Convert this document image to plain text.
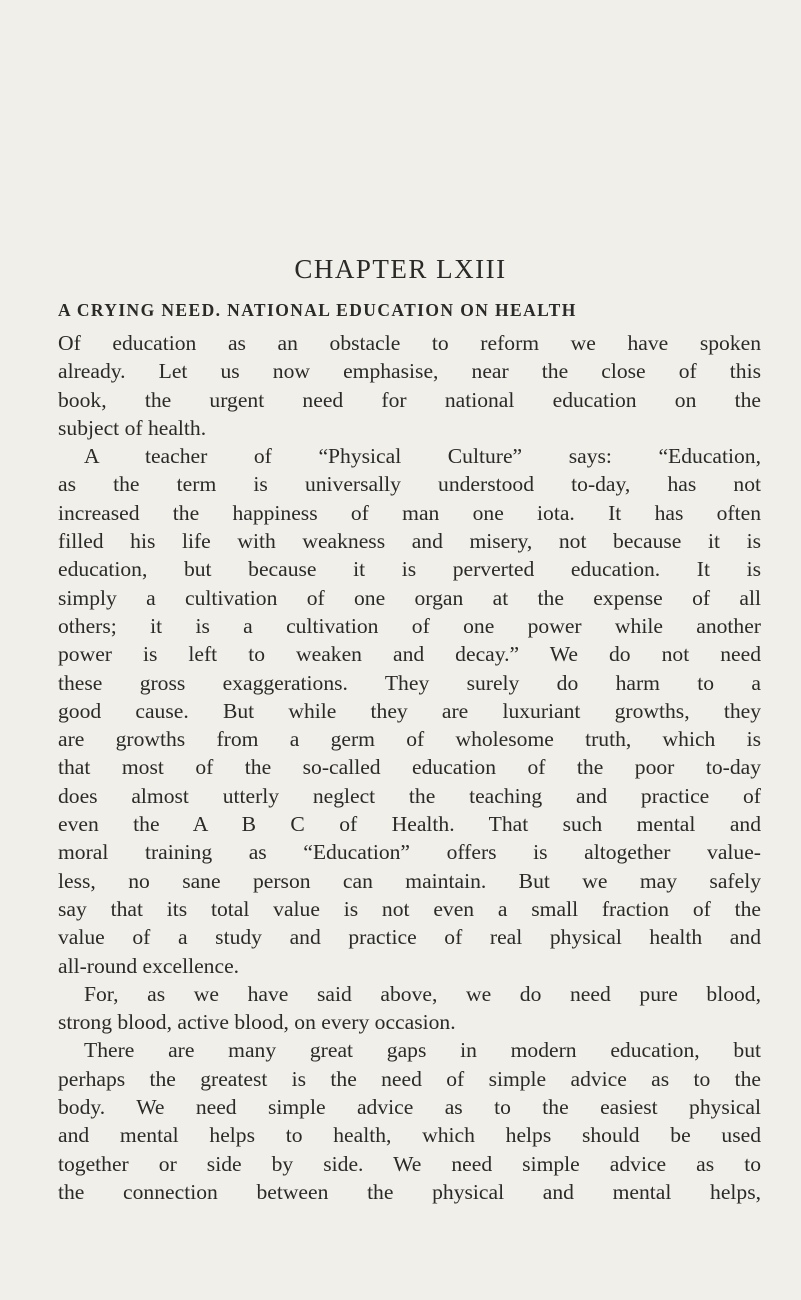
CHAPTER LXIII
A CRYING NEED. NATIONAL EDUCATION ON HEALTH
Of education as an obstacle to reform we have spoken
already. Let us now emphasise, near the close of this
book, the urgent need for national education on the
subject of health.
A teacher of “Physical Culture” says: “Education,
as the term is universally understood to-day, has not
increased the happiness of man one iota. It has often
filled his life with weakness and misery, not because it is
education, but because it is perverted education. It is
simply a cultivation of one organ at the expense of all
others; it is a cultivation of one power while another
power is left to weaken and decay.” We do not need
these gross exaggerations. They surely do harm to a
good cause. But while they are luxuriant growths, they
are growths from a germ of wholesome truth, which is
that most of the so-called education of the poor to-day
does almost utterly neglect the teaching and practice of
even the A B C of Health. That such mental and
moral training as “Education” offers is altogether value-
less, no sane person can maintain. But we may safely
say that its total value is not even a small fraction of the
value of a study and practice of real physical health and
all-round excellence.
For, as we have said above, we do need pure blood,
strong blood, active blood, on every occasion.
There are many great gaps in modern education, but
perhaps the greatest is the need of simple advice as to the
body. We need simple advice as to the easiest physical
and mental helps to health, which helps should be used
together or side by side. We need simple advice as to
the connection between the physical and mental helps,
